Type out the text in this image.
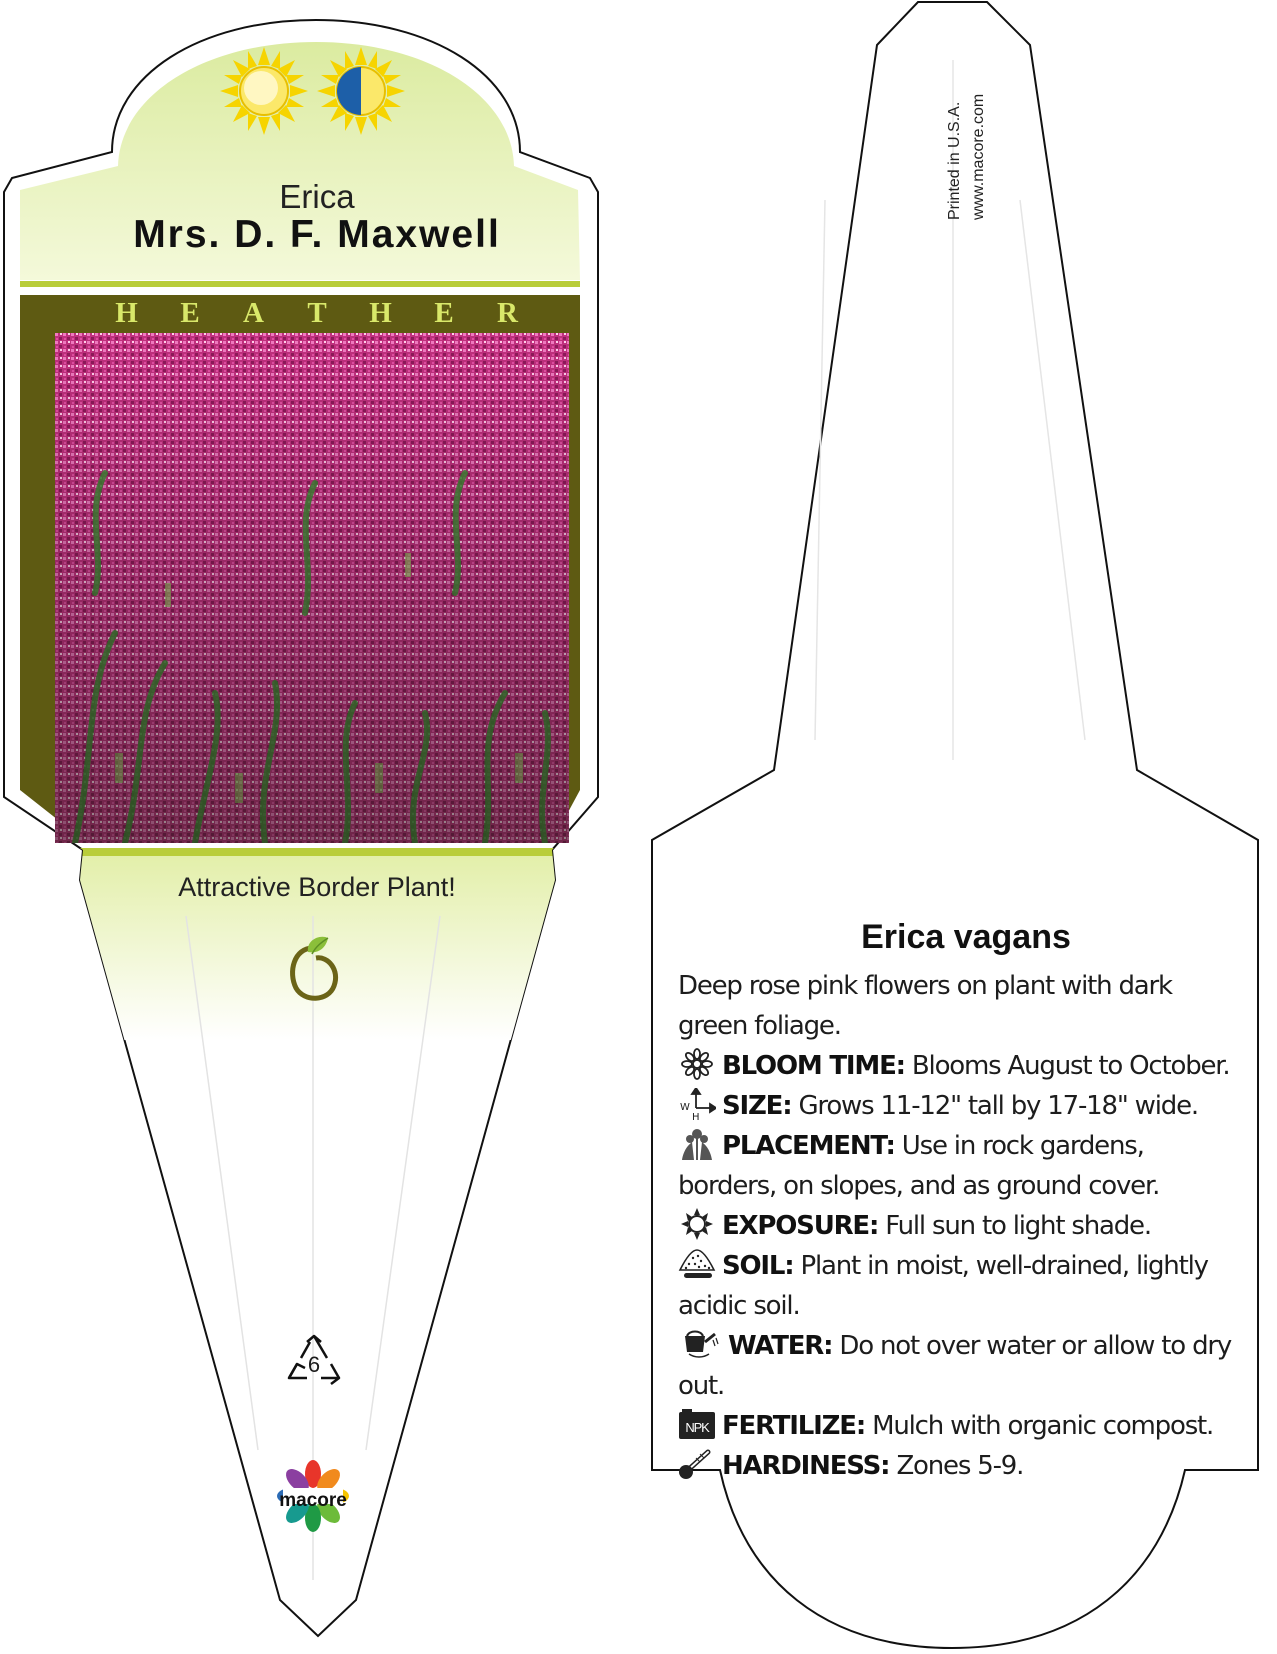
Erica
Mrs. D. F. Maxwell
H E A T H E R
Attractive Border Plant!
6
macore
Printed in U.S.A. www.macore.com
Erica vagans
Deep rose pink flowers on plant with dark green foliage.
BLOOM TIME: Blooms August to October.
W
H SIZE: Grows 11-12" tall by 17-18" wide.
PLACEMENT: Use in rock gardens, borders, on slopes, and as ground cover.
EXPOSURE: Full sun to light shade.
SOIL: Plant in moist, well-drained, lightly acidic soil.
WATER: Do not over water or allow to dry out.
NPK FERTILIZE: Mulch with organic compost.
HARDINESS: Zones 5-9.
